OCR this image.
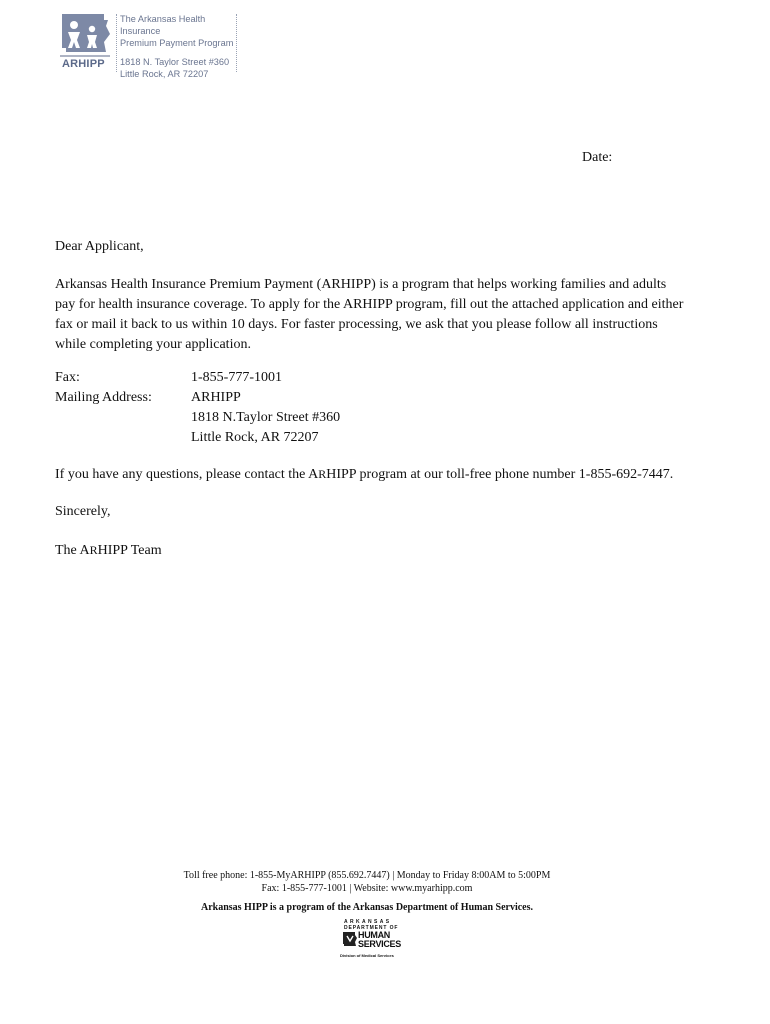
ARHIPP
The Arkansas Health Insurance
Premium Payment Program
1818 N. Taylor Street #360
Little Rock, AR 72207
Date:
Dear Applicant,
Arkansas Health Insurance Premium Payment (ARHIPP) is a program that helps working families and adults
pay for health insurance coverage. To apply for the ARHIPP program, fill out the attached application and either
fax or mail it back to us within 10 days. For faster processing, we ask that you please follow all instructions
while completing your application.
Fax:	1-855-777-1001
Mailing Address:	ARHIPP
1818 N.Taylor Street #360
Little Rock, AR 72207
If you have any questions, please contact the ARHIPP program at our toll-free phone number 1-855-692-7447.
Sincerely,
The ARHIPP Team
Toll free phone: 1-855-MyARHIPP (855.692.7447) | Monday to Friday 8:00AM to 5:00PM
Fax: 1-855-777-1001 | Website: www.myarhipp.com
Arkansas HIPP is a program of the Arkansas Department of Human Services.
ARKANSAS
DEPARTMENT OF
HUMAN
SERVICES
Division of Medical Services
